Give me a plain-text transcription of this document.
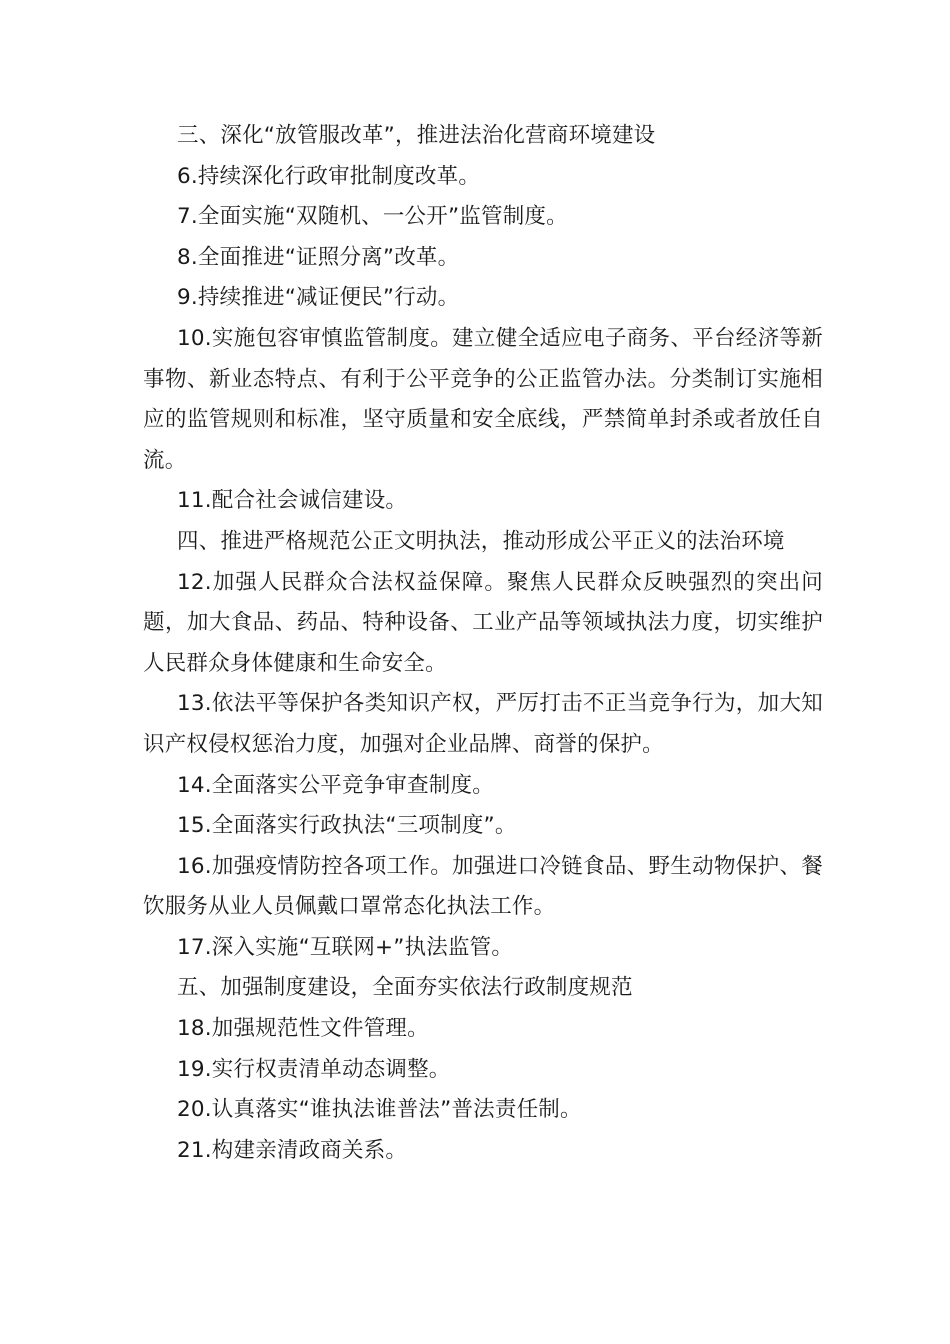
三、深化“放管服改革”，推进法治化营商环境建设

6.持续深化行政审批制度改革。

7.全面实施“双随机、一公开”监管制度。

8.全面推进“证照分离”改革。

9.持续推进“减证便民”行动。

10.实施包容审慎监管制度。建立健全适应电子商务、平台经济等新事物、新业态特点、有利于公平竞争的公正监管办法。分类制订实施相应的监管规则和标准，坚守质量和安全底线，严禁简单封杀或者放任自流。

11.配合社会诚信建设。

四、推进严格规范公正文明执法，推动形成公平正义的法治环境

12.加强人民群众合法权益保障。聚焦人民群众反映强烈的突出问题，加大食品、药品、特种设备、工业产品等领域执法力度，切实维护人民群众身体健康和生命安全。

13.依法平等保护各类知识产权，严厉打击不正当竞争行为，加大知识产权侵权惩治力度，加强对企业品牌、商誉的保护。

14.全面落实公平竞争审查制度。

15.全面落实行政执法“三项制度”。

16.加强疫情防控各项工作。加强进口冷链食品、野生动物保护、餐饮服务从业人员佩戴口罩常态化执法工作。

17.深入实施“互联网+”执法监管。

五、加强制度建设，全面夯实依法行政制度规范

18.加强规范性文件管理。

19.实行权责清单动态调整。

20.认真落实“谁执法谁普法”普法责任制。

21.构建亲清政商关系。
